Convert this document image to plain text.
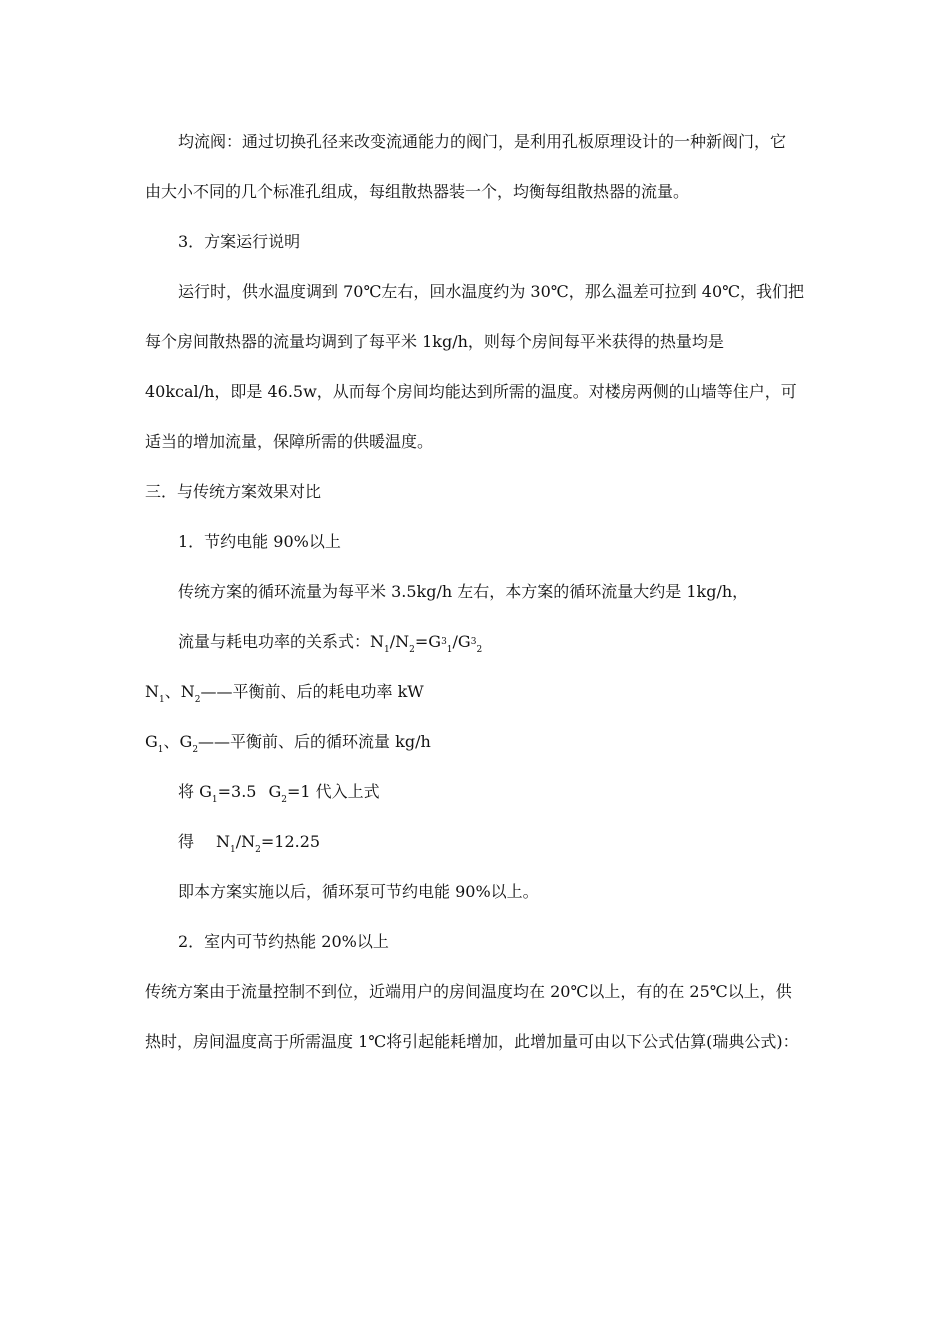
均流阀：通过切换孔径来改变流通能力的阀门，是利用孔板原理设计的一种新阀门，它
由大小不同的几个标准孔组成，每组散热器装一个，均衡每组散热器的流量。
3．方案运行说明
运行时，供水温度调到 70℃左右，回水温度约为 30℃，那么温差可拉到 40℃，我们把
每个房间散热器的流量均调到了每平米 1kg/h，则每个房间每平米获得的热量均是
40kcal/h，即是 46.5w，从而每个房间均能达到所需的温度。对楼房两侧的山墙等住户，可
适当的增加流量，保障所需的供暖温度。
三．与传统方案效果对比
1．节约电能 90%以上
传统方案的循环流量为每平米 3.5kg/h 左右，本方案的循环流量大约是 1kg/h，
流量与耗电功率的关系式：$N_1/N_2=G^3_1/G^3_2$
$N_1$、$N_2——$平衡前、后的耗电功率 kW
$G_1$、$G_2——$平衡前、后的循环流量 kg/h
将 $G_1=3.5$ $G_2=1$ 代入上式
得 $N_1/N_2=12.25$
即本方案实施以后，循环泵可节约电能 90%以上。
2．室内可节约热能 20%以上
传统方案由于流量控制不到位，近端用户的房间温度均在 20℃以上，有的在 25℃以上，供
热时，房间温度高于所需温度 1℃将引起能耗增加，此增加量可由以下公式估算(瑞典公式)：
